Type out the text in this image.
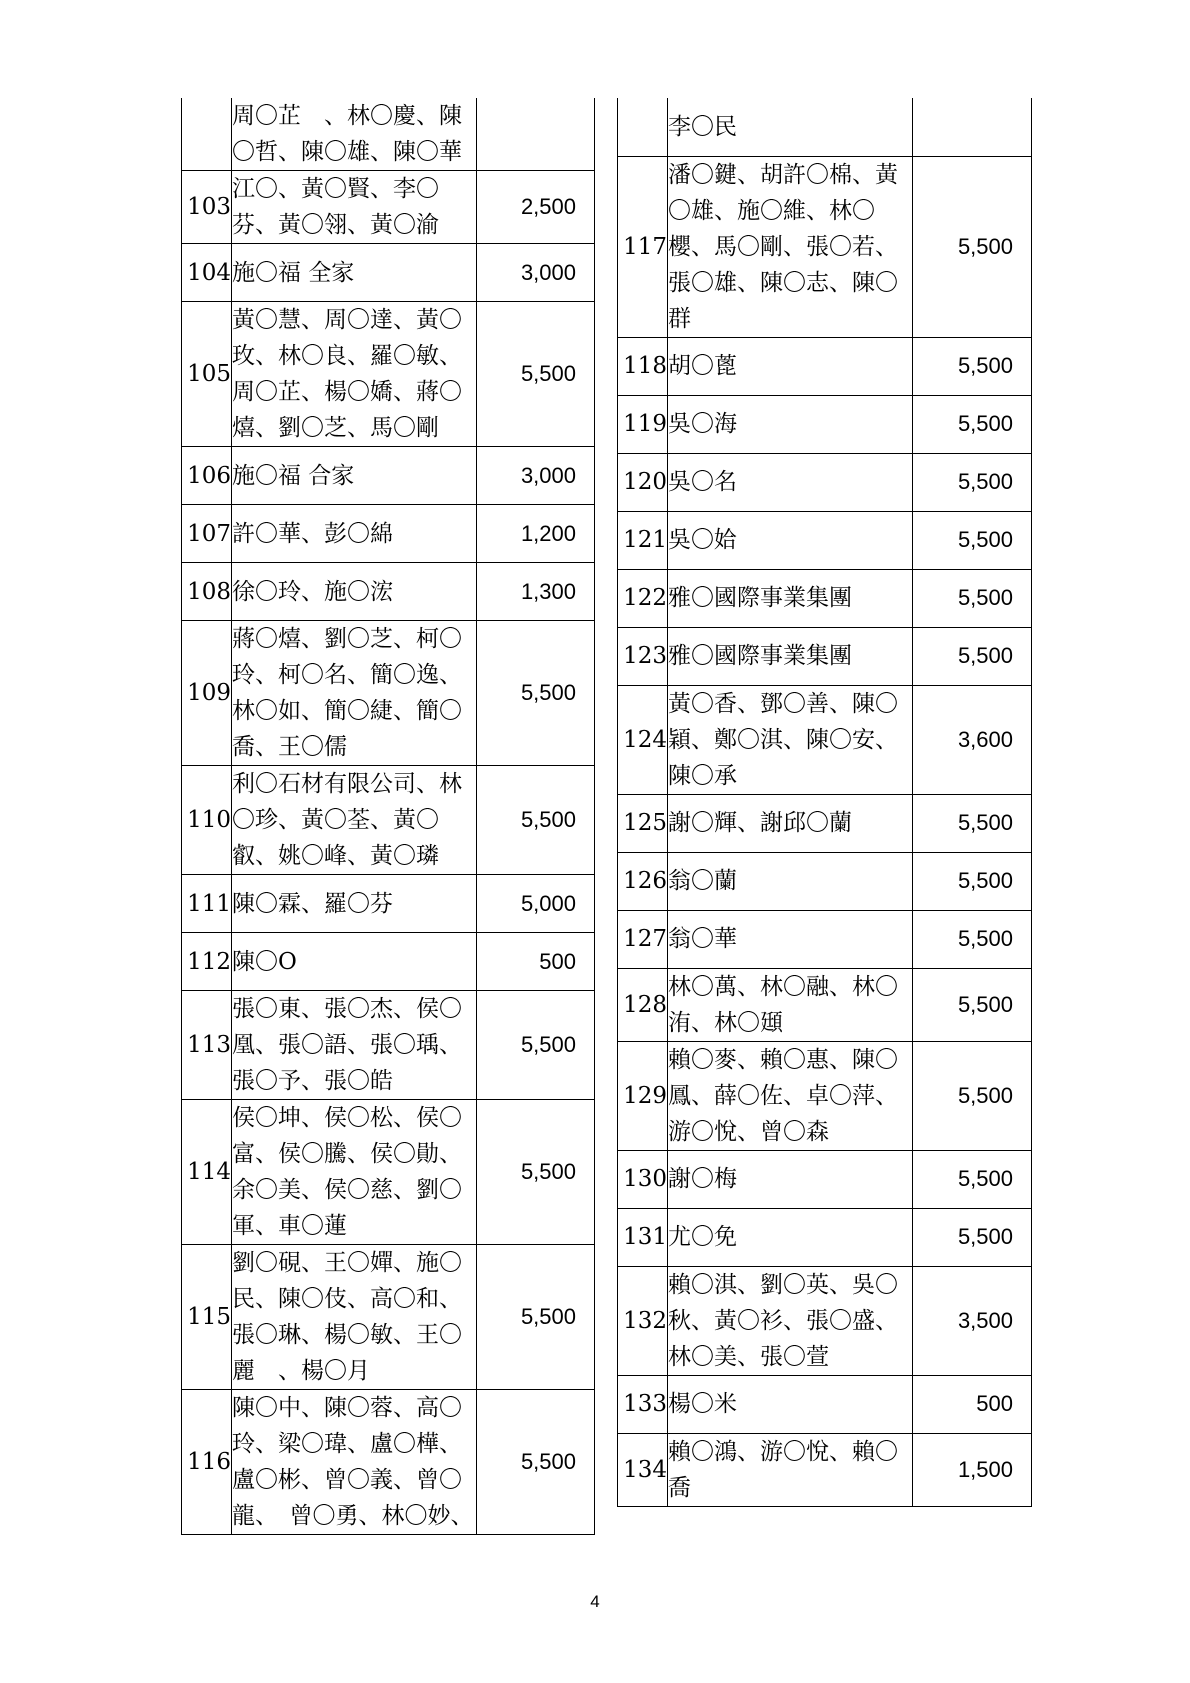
	周〇芷　、林〇慶、陳〇哲、陳〇雄、陳〇華	
103	江〇、黃〇賢、李〇芬、黃〇翎、黃〇渝	2,500
104	施〇福 全家	3,000
105	黃〇慧、周〇達、黃〇玫、林〇良、羅〇敏、周〇芷、楊〇嬌、蔣〇熺、劉〇芝、馬〇剛	5,500
106	施〇福 合家	3,000
107	許〇華、彭〇綿	1,200
108	徐〇玲、施〇浤	1,300
109	蔣〇熺、劉〇芝、柯〇玲、柯〇名、簡〇逸、林〇如、簡〇緁、簡〇喬、王〇儒	5,500
110	利〇石材有限公司、林〇珍、黃〇荃、黃〇叡、姚〇峰、黃〇璘	5,500
111	陳〇霖、羅〇芬	5,000
112	陳〇O	500
113	張〇東、張〇杰、侯〇凰、張〇語、張〇瑀、張〇予、張〇皓	5,500
114	侯〇坤、侯〇松、侯〇富、侯〇騰、侯〇勛、余〇美、侯〇慈、劉〇軍、車〇蓮	5,500
115	劉〇硯、王〇嬋、施〇民、陳〇伎、高〇和、張〇琳、楊〇敏、王〇麗　、楊〇月	5,500
116	陳〇中、陳〇蓉、高〇玲、梁〇瑋、盧〇樺、盧〇彬、曾〇義、曾〇龍、　曾〇勇、林〇妙、	5,500
	李〇民	
117	潘〇鍵、胡許〇棉、黃〇雄、施〇維、林〇櫻、馬〇剛、張〇若、張〇雄、陳〇志、陳〇群	5,500
118	胡〇蓖	5,500
119	吳〇海	5,500
120	吳〇名	5,500
121	吳〇姶	5,500
122	雅〇國際事業集團	5,500
123	雅〇國際事業集團	5,500
124	黃〇香、鄧〇善、陳〇穎、鄭〇淇、陳〇安、陳〇承	3,600
125	謝〇輝、謝邱〇蘭	5,500
126	翁〇蘭	5,500
127	翁〇華	5,500
128	林〇萬、林〇融、林〇洧、林〇頲	5,500
129	賴〇麥、賴〇惠、陳〇鳳、薛〇佐、卓〇萍、游〇悅、曾〇森	5,500
130	謝〇梅	5,500
131	尤〇免	5,500
132	賴〇淇、劉〇英、吳〇秋、黃〇衫、張〇盛、林〇美、張〇萱	3,500
133	楊〇米	500
134	賴〇鴻、游〇悅、賴〇喬	1,500
4
